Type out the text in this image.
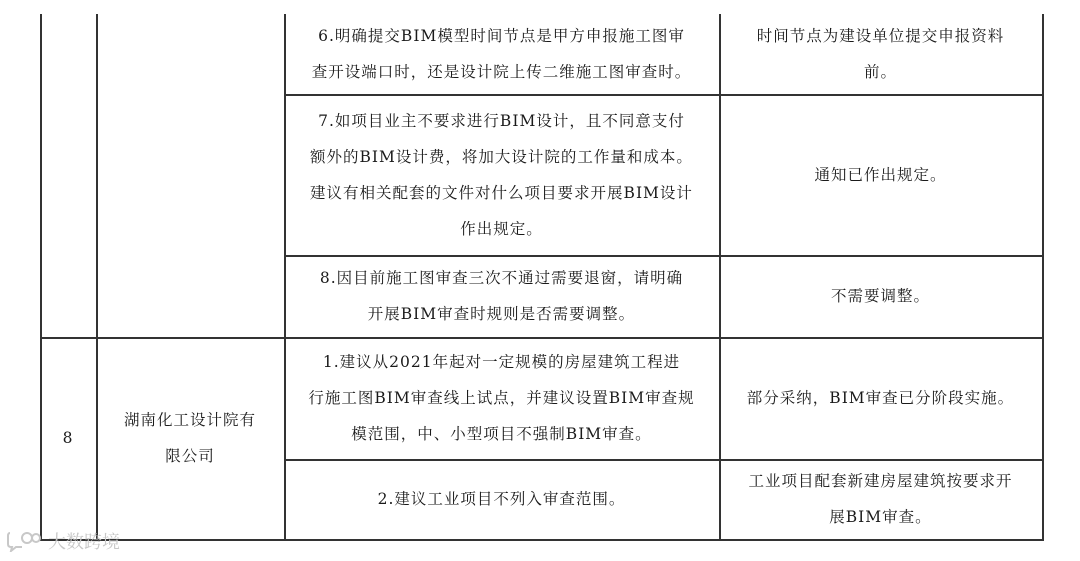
8

湖南化工设计院有

限公司

6.明确提交BIM模型时间节点是甲方申报施工图审

查开设端口时，还是设计院上传二维施工图审查时。

时间节点为建设单位提交申报资料

前。

7.如项目业主不要求进行BIM设计，且不同意支付

额外的BIM设计费，将加大设计院的工作量和成本。

建议有相关配套的文件对什么项目要求开展BIM设计

作出规定。

通知已作出规定。

8.因目前施工图审查三次不通过需要退窗，请明确

开展BIM审查时规则是否需要调整。

不需要调整。

1.建议从2021年起对一定规模的房屋建筑工程进

行施工图BIM审查线上试点，并建议设置BIM审查规

模范围，中、小型项目不强制BIM审查。

部分采纳，BIM审查已分阶段实施。

2.建议工业项目不列入审查范围。

工业项目配套新建房屋建筑按要求开

展BIM审查。

大数跨境
